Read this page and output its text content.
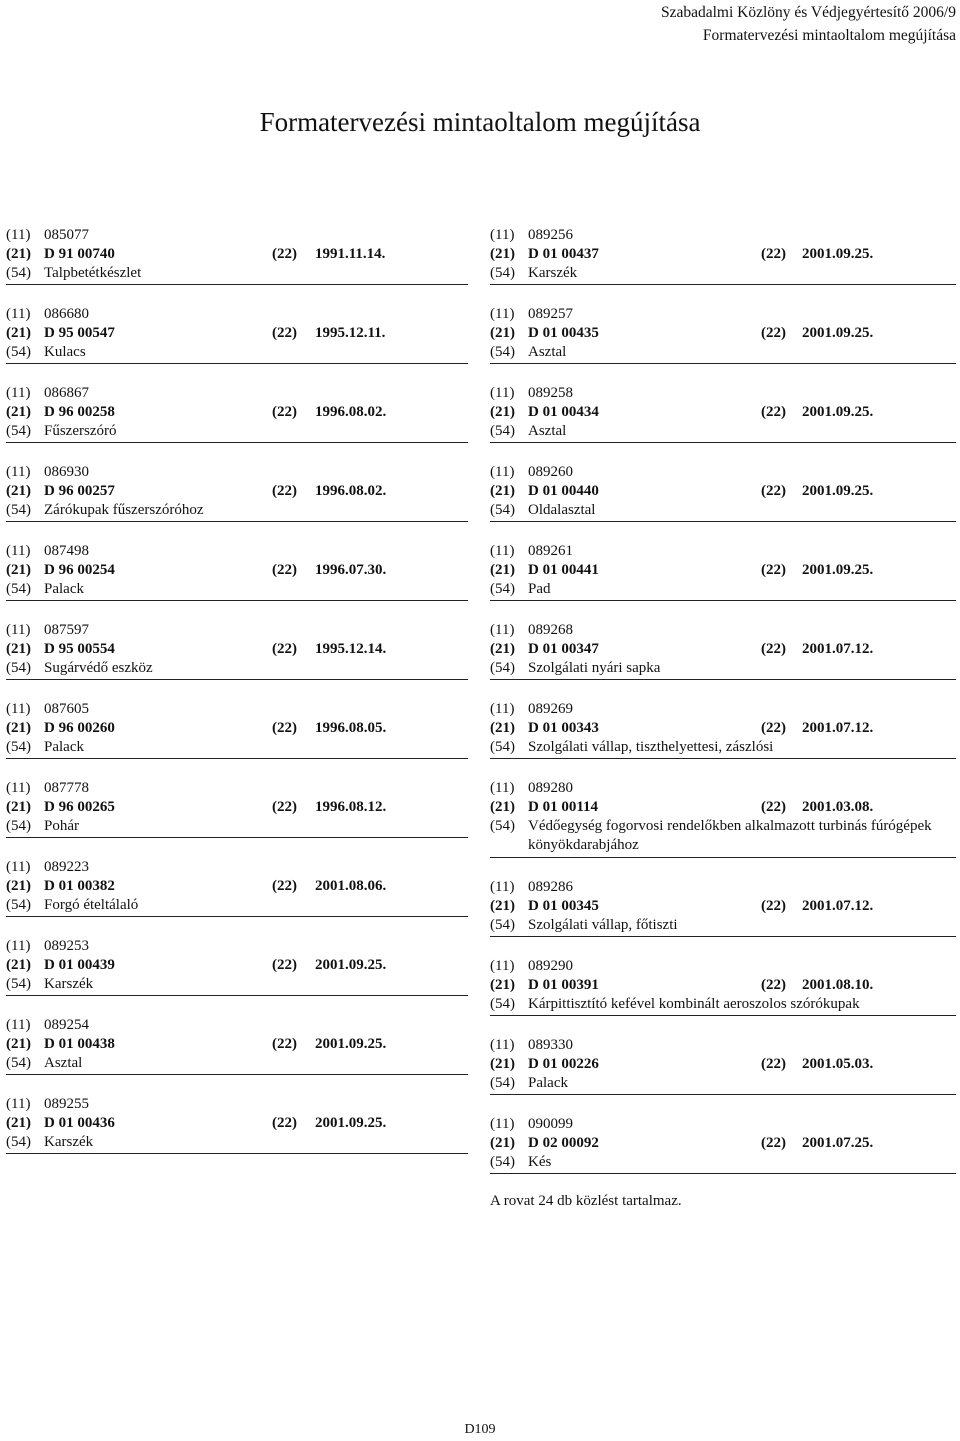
Szabadalmi Közlöny és Védjegyértesítő 2006/9
Formatervezési mintaoltalom megújítása
Formatervezési mintaoltalom megújítása
(11) 085077
(21) D 91 00740	(22) 1991.11.14.
(54) Talpbetétkészlet
(11) 086680
(21) D 95 00547	(22) 1995.12.11.
(54) Kulacs
(11) 086867
(21) D 96 00258	(22) 1996.08.02.
(54) Fűszerszóró
(11) 086930
(21) D 96 00257	(22) 1996.08.02.
(54) Zárókupak fűszerszóróhoz
(11) 087498
(21) D 96 00254	(22) 1996.07.30.
(54) Palack
(11) 087597
(21) D 95 00554	(22) 1995.12.14.
(54) Sugárvédő eszköz
(11) 087605
(21) D 96 00260	(22) 1996.08.05.
(54) Palack
(11) 087778
(21) D 96 00265	(22) 1996.08.12.
(54) Pohár
(11) 089223
(21) D 01 00382	(22) 2001.08.06.
(54) Forgó ételtálaló
(11) 089253
(21) D 01 00439	(22) 2001.09.25.
(54) Karszék
(11) 089254
(21) D 01 00438	(22) 2001.09.25.
(54) Asztal
(11) 089255
(21) D 01 00436	(22) 2001.09.25.
(54) Karszék
(11) 089256
(21) D 01 00437	(22) 2001.09.25.
(54) Karszék
(11) 089257
(21) D 01 00435	(22) 2001.09.25.
(54) Asztal
(11) 089258
(21) D 01 00434	(22) 2001.09.25.
(54) Asztal
(11) 089260
(21) D 01 00440	(22) 2001.09.25.
(54) Oldalasztal
(11) 089261
(21) D 01 00441	(22) 2001.09.25.
(54) Pad
(11) 089268
(21) D 01 00347	(22) 2001.07.12.
(54) Szolgálati nyári sapka
(11) 089269
(21) D 01 00343	(22) 2001.07.12.
(54) Szolgálati vállap, tiszthelyettesi, zászlósi
(11) 089280
(21) D 01 00114	(22) 2001.03.08.
(54) Védőegység fogorvosi rendelőkben alkalmazott turbinás fúrógépek könyökdarabjához
(11) 089286
(21) D 01 00345	(22) 2001.07.12.
(54) Szolgálati vállap, főtiszti
(11) 089290
(21) D 01 00391	(22) 2001.08.10.
(54) Kárpittisztító kefével kombinált aeroszolos szórókupak
(11) 089330
(21) D 01 00226	(22) 2001.05.03.
(54) Palack
(11) 090099
(21) D 02 00092	(22) 2001.07.25.
(54) Kés
A rovat 24 db közlést tartalmaz.
D109
